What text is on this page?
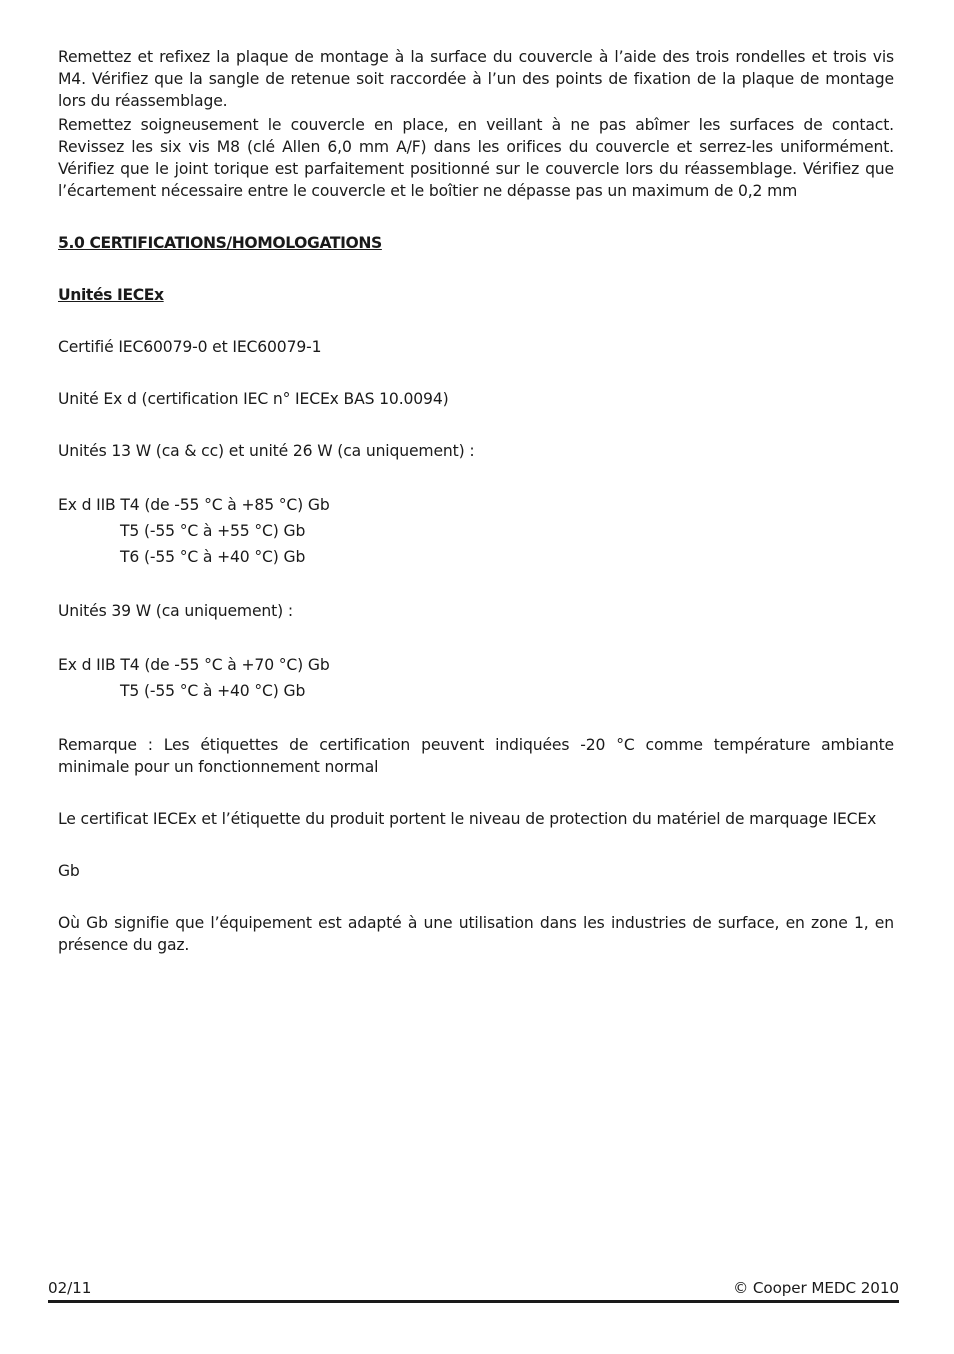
Remettez et refixez la plaque de montage à la surface du couvercle à l’aide des trois rondelles et trois vis M4. Vérifiez que la sangle de retenue soit raccordée à l’un des points de fixation de la plaque de montage lors du réassemblage.

Remettez soigneusement le couvercle en place, en veillant à ne pas abîmer les surfaces de contact. Revissez les six vis M8 (clé Allen 6,0 mm A/F) dans les orifices du couvercle et serrez-les uniformément. Vérifiez que le joint torique est parfaitement positionné sur le couvercle lors du réassemblage. Vérifiez que l’écartement nécessaire entre le couvercle et le boîtier ne dépasse pas un maximum de 0,2 mm

5.0 CERTIFICATIONS/HOMOLOGATIONS

Unités IECEx

Certifié IEC60079-0 et IEC60079-1

Unité Ex d (certification IEC n° IECEx BAS 10.0094)

Unités 13 W (ca & cc) et unité 26 W (ca uniquement) :

Ex d IIB T4 (de -55 °C à +85 °C) Gb

T5 (-55 °C à +55 °C) Gb

T6 (-55 °C à +40 °C) Gb

Unités 39 W (ca uniquement) :

Ex d IIB T4 (de -55 °C à +70 °C) Gb

T5 (-55 °C à +40 °C) Gb

Remarque : Les étiquettes de certification peuvent indiquées -20 °C comme température ambiante minimale pour un fonctionnement normal

Le certificat IECEx et l’étiquette du produit portent le niveau de protection du matériel de marquage IECEx

Gb

Où Gb signifie que l’équipement est adapté à une utilisation dans les industries de surface, en zone 1, en présence du gaz.

02/11	© Cooper MEDC 2010
